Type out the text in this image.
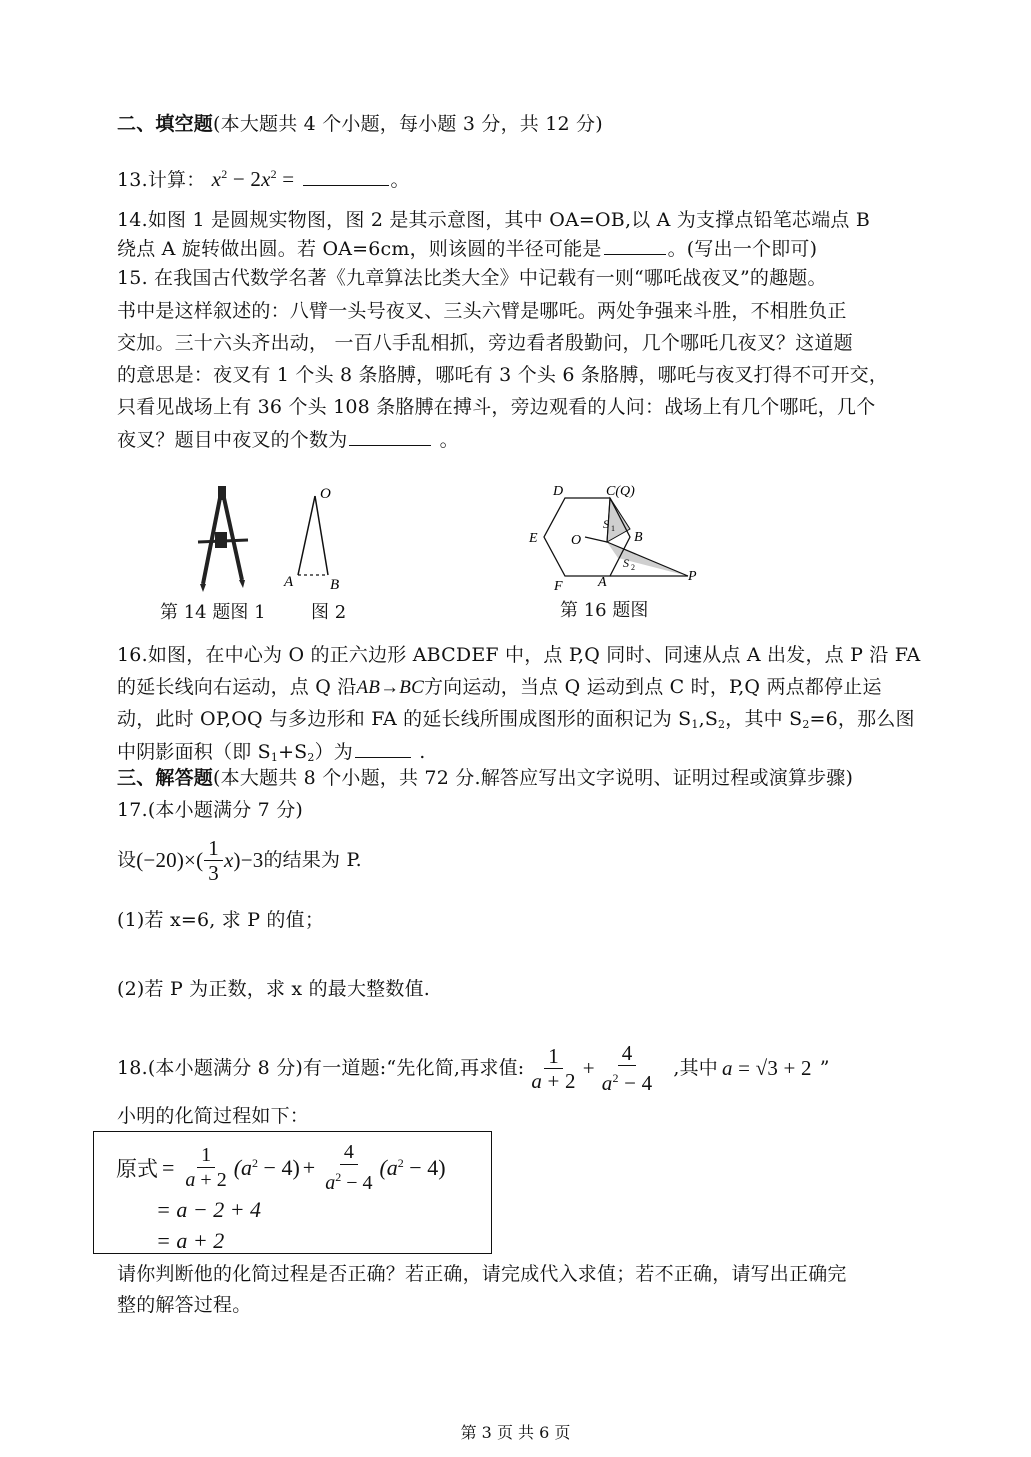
二、填空题(本大题共 4 个小题，每小题 3 分，共 12 分)
13.计算： $x^2 - 2x^2$ =	。
14.如图 1 是圆规实物图，图 2 是其示意图，其中 OA=OB,以 A 为支撑点铅笔芯端点 B
绕点 A 旋转做出圆。若 OA=6cm，则该圆的半径可能是	。(写出一个即可)
15. 在我国古代数学名著《九章算法比类大全》中记载有一则“哪吒战夜叉”的趣题。
书中是这样叙述的：八臂一头号夜叉、三头六臂是哪吒。两处争强来斗胜，不相胜负正
交加。三十六头齐出动， 一百八手乱相抓，旁边看者殷勤问，几个哪吒几夜叉？这道题
的意思是：夜叉有 1 个头 8 条胳膊，哪吒有 3 个头 6 条胳膊，哪吒与夜叉打得不可开交，
只看见战场上有 36 个头 108 条胳膊在搏斗，旁边观看的人问：战场上有几个哪吒，几个
夜叉？题目中夜叉的个数为	。
第 14 题图 1
O
A B
图 2
D	C(Q)
E O	B
F	A	P
S 1
S 2
第 16 题图
16.如图，在中心为 O 的正六边形 ABCDEF 中，点 P,Q 同时、同速从点 A 出发，点 P 沿 FA
的延长线向右运动，点 Q 沿AB→BC方向运动，当点 Q 运动到点 C 时，P,Q 两点都停止运
动，此时 OP,OQ 与多边形和 FA 的延长线所围成图形的面积记为 $S_1,S_2$，其中 $S_2=6$，那么图
中阴影面积（即 $S_1+S_2$）为	.
三、解答题(本大题共 8 个小题，共 72 分.解答应写出文字说明、证明过程或演算步骤)
17.(本小题满分 7 分)
设 $(-20)\times( \frac{1}{3} x)-3$ 的结果为 P.
(1)若 x=6, 求 P 的值；
(2)若 P 为正数，求 x 的最大整数值.
18.(本小题满分 8 分)有一道题:“先化简,再求值: $\frac{1}{a + 2} + \frac{4}{a^2 - 4}$ ,其中 a = √3 + 2 ”
小明的化简过程如下：
原式 = $\frac{1}{a + 2} (a^2 - 4) + \frac{4}{a^2 - 4} (a^2 - 4)$
= a − 2 + 4
= a + 2
请你判断他的化简过程是否正确？若正确，请完成代入求值；若不正确，请写出正确完
整的解答过程。
第 3 页 共 6 页
